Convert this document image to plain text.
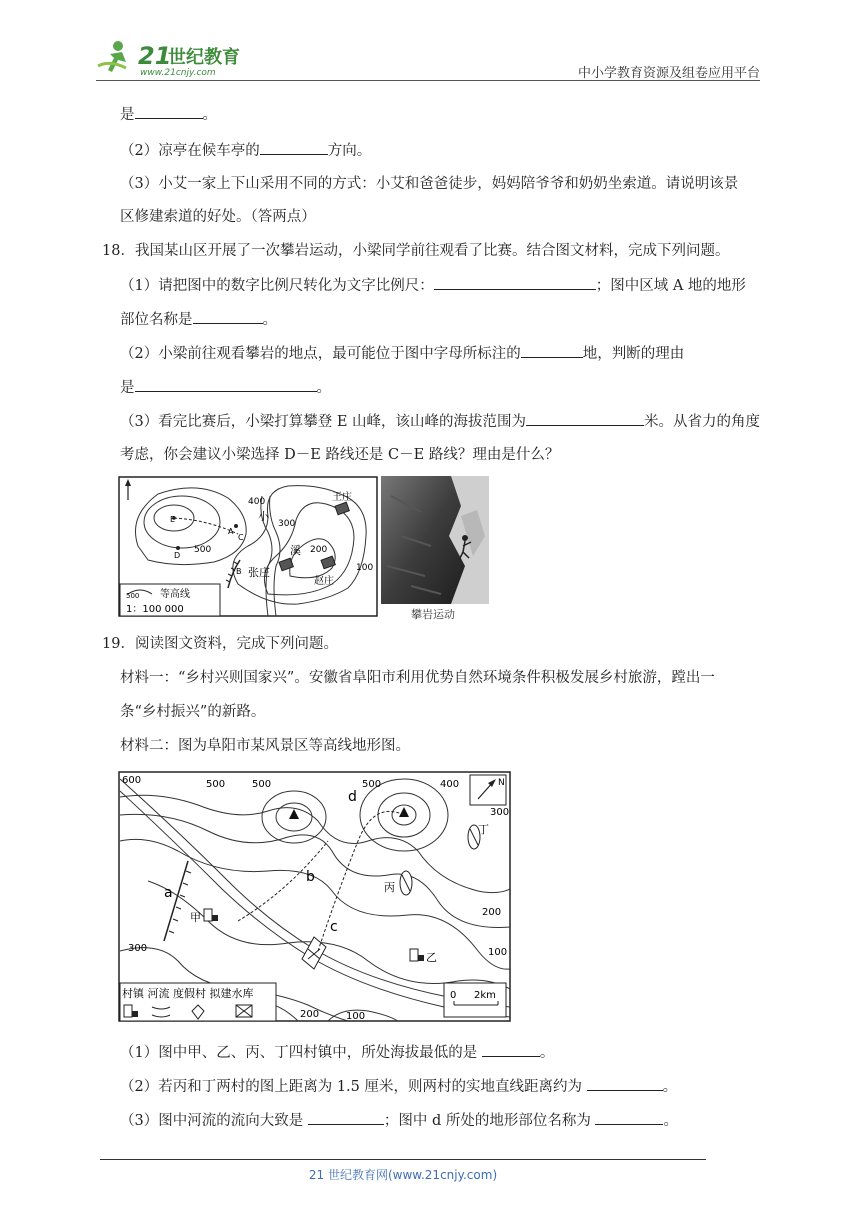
21
世纪教育
www.21cnjy.com	中小学教育资源及组卷应用平台
是	。
（2）凉亭在候车亭的	方向。
（3）小艾一家上下山采用不同的方式：小艾和爸爸徒步，妈妈陪爷爷和奶奶坐索道。请说明该景
区修建索道的好处。（答两点）
18．我国某山区开展了一次攀岩运动，小梁同学前往观看了比赛。结合图文材料，完成下列问题。
（1）请把图中的数字比例尺转化为文字比例尺：	；图中区域 A 地的地形
部位名称是	。
（2）小梁前往观看攀岩的地点，最可能位于图中字母所标注的	地，判断的理由
是	。
（3）看完比赛后，小梁打算攀登 E 山峰，该山峰的海拔范围为	米。从省力的角度
考虑，你会建议小梁选择 D－E 路线还是 C－E 路线？理由是什么？
400
300
500	200
100
小
溪
王庄
张庄
赵庄
A
B
C
D
E
500 等高线
1：100 000	攀岩运动
19．阅读图文资料，完成下列问题。
材料一：“乡村兴则国家兴”。安徽省阜阳市利用优势自然环境条件积极发展乡村旅游，蹚出一
条“乡村振兴”的新路。
材料二：图为阜阳市某风景区等高线地形图。
N
600	500	500	500	400
300
200
100
300
200	100
a
b
c
d
甲
乙
丙
丁
村镇 河流 度假村 拟建水库	0 2km
（1）图中甲、乙、丙、丁四村镇中，所处海拔最低的是	。
（2）若丙和丁两村的图上距离为 1.5 厘米，则两村的实地直线距离约为	。
（3）图中河流的流向大致是	；图中 d 所处的地形部位名称为	。
21 世纪教育网(www.21cnjy.com)
